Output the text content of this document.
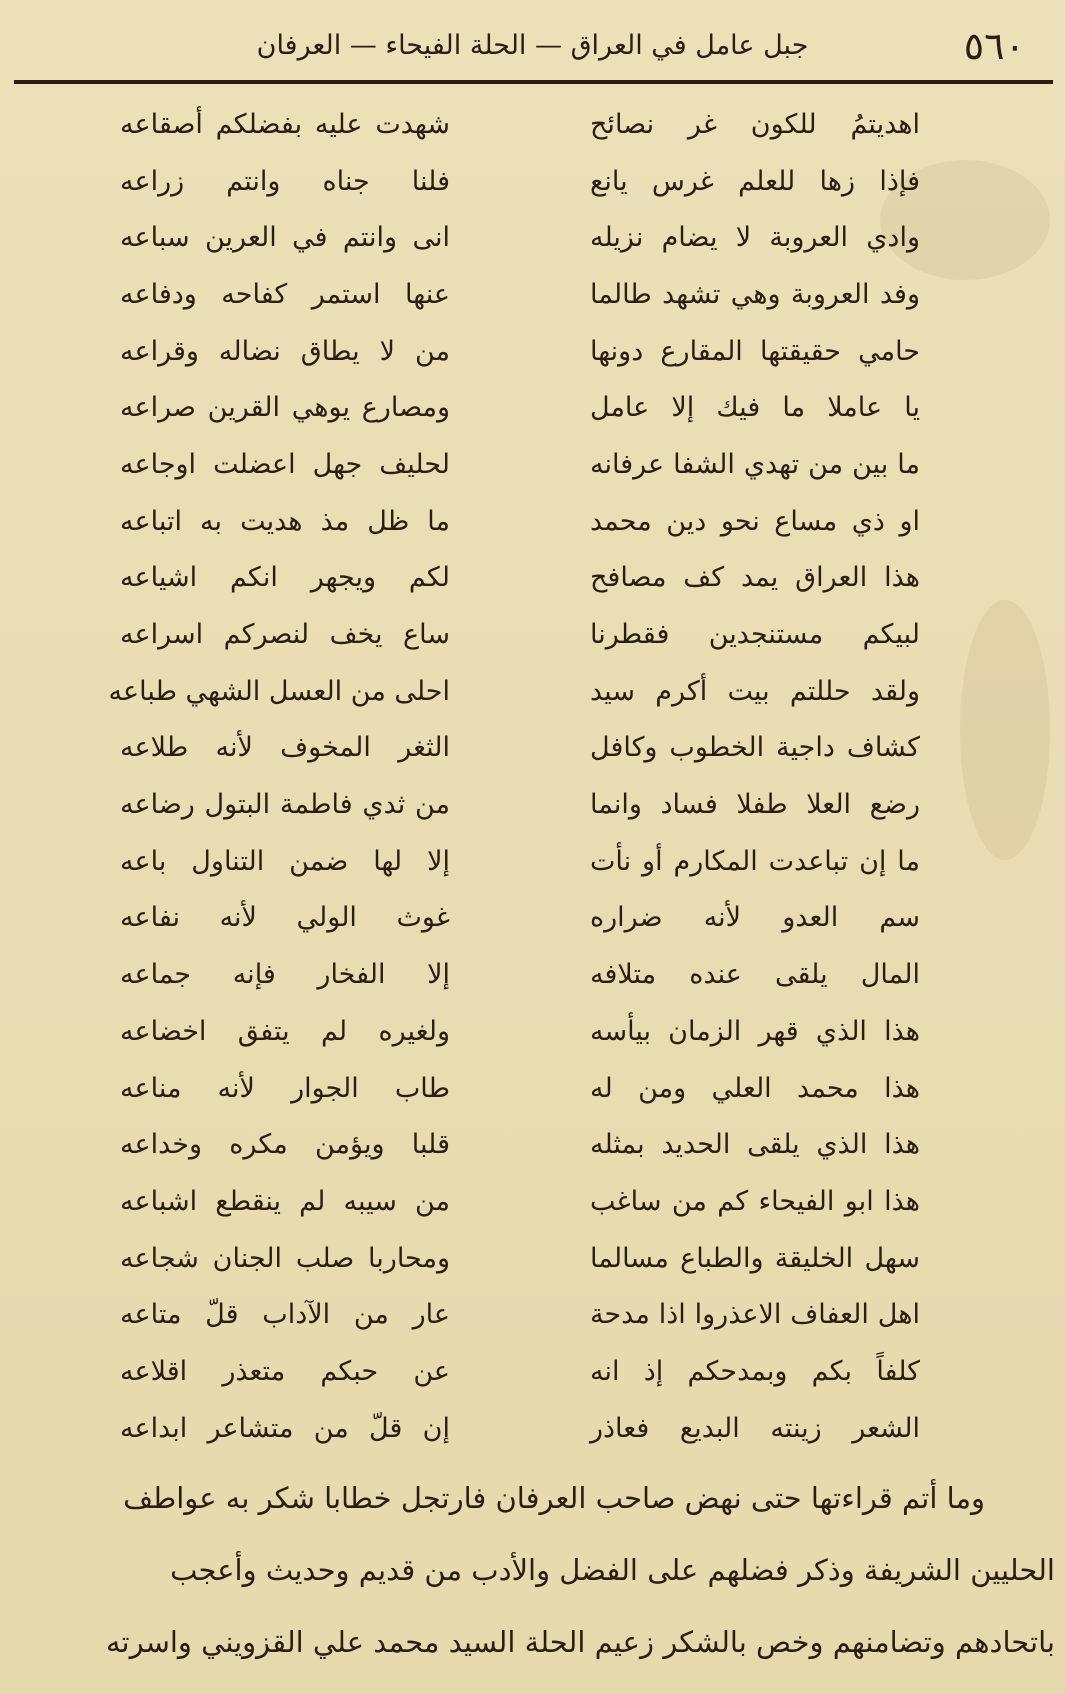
٥٦٠
جبل عامل في العراق — الحلة الفيحاء — العرفان
اهديتمُ للكون غر نصائح
شهدت عليه بفضلكم أصقاعه
فإذا زها للعلم غرس يانع
فلنا جناه وانتم زراعه
وادي العروبة لا يضام نزيله
انى وانتم في العرين سباعه
وفد العروبة وهي تشهد طالما
عنها استمر كفاحه ودفاعه
حامي حقيقتها المقارع دونها
من لا يطاق نضاله وقراعه
يا عاملا ما فيك إلا عامل
ومصارع يوهي القرين صراعه
ما بين من تهدي الشفا عرفانه
لحليف جهل اعضلت اوجاعه
او ذي مساع نحو دين محمد
ما ظل مذ هديت به اتباعه
هذا العراق يمد كف مصافح
لكم ويجهر انكم اشياعه
لبيكم مستنجدين فقطرنا
ساع يخف لنصركم اسراعه
ولقد حللتم بيت أكرم سيد
احلى من العسل الشهي طباعه
كشاف داجية الخطوب وكافل
الثغر المخوف لأنه طلاعه
رضع العلا طفلا فساد وانما
من ثدي فاطمة البتول رضاعه
ما إن تباعدت المكارم أو نأت
إلا لها ضمن التناول باعه
سم العدو لأنه ضراره
غوث الولي لأنه نفاعه
المال يلقى عنده متلافه
إلا الفخار فإنه جماعه
هذا الذي قهر الزمان بيأسه
ولغيره لم يتفق اخضاعه
هذا محمد العلي ومن له
طاب الجوار لأنه مناعه
هذا الذي يلقى الحديد بمثله
قلبا ويؤمن مكره وخداعه
هذا ابو الفيحاء كم من ساغب
من سيبه لم ينقطع اشباعه
سهل الخليقة والطباع مسالما
ومحاربا صلب الجنان شجاعه
اهل العفاف الاعذروا اذا مدحة
عار من الآداب قلّ متاعه
كلفاً بكم وبمدحكم إذ انه
عن حبكم متعذر اقلاعه
الشعر زينته البديع فعاذر
إن قلّ من متشاعر ابداعه
وما أتم قراءتها حتى نهض صاحب العرفان فارتجل خطابا شكر به عواطف
الحليين الشريفة وذكر فضلهم على الفضل والأدب من قديم وحديث وأعجب
باتحادهم وتضامنهم وخص بالشكر زعيم الحلة السيد محمد علي القزويني واسرته
